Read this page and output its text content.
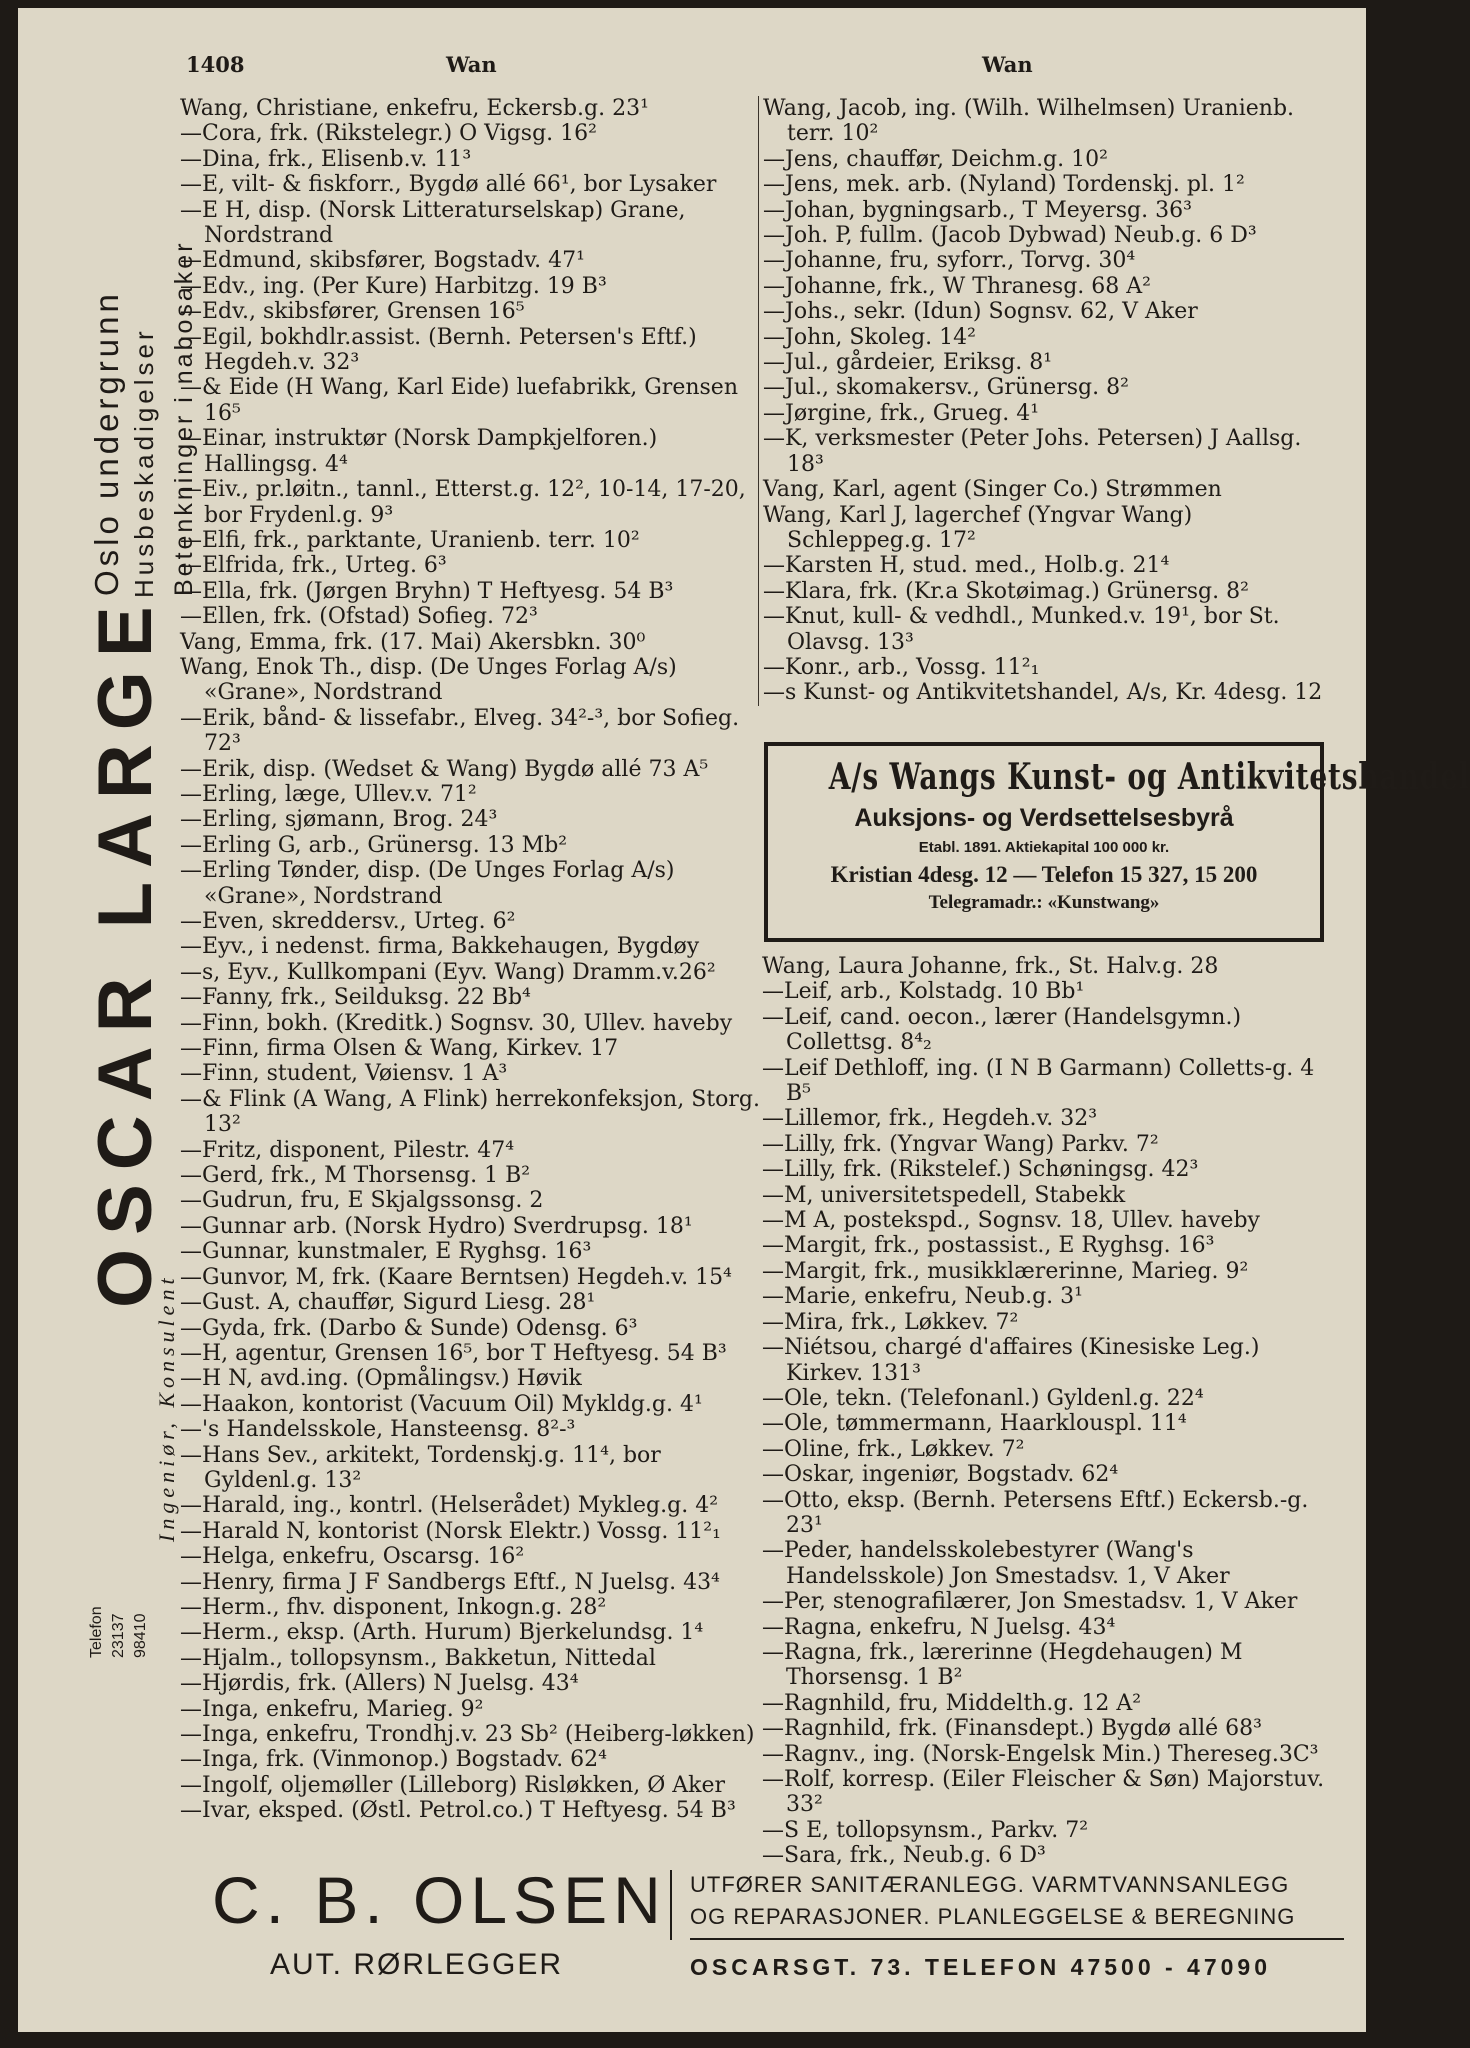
1408	Wan	Wan
Oslo undergrunn Husbeskadigelser Betenkninger i nabosaker
OSCAR LARGE
Ingeniør, Konsulent
Telefon 23137 98410
Wang, Christiane, enkefru, Eckersb.g. 23¹
—Cora, frk. (Rikstelegr.) O Vigsg. 16²
—Dina, frk., Elisenb.v. 11³
—E, vilt- & fiskforr., Bygdø allé 66¹, bor Lysaker
—E H, disp. (Norsk Litteraturselskap) Grane, Nordstrand
—Edmund, skibsfører, Bogstadv. 47¹
—Edv., ing. (Per Kure) Harbitzg. 19 B³
—Edv., skibsfører, Grensen 16⁵
—Egil, bokhdlr.assist. (Bernh. Petersen's Eftf.) Hegdeh.v. 32³
—& Eide (H Wang, Karl Eide) luefabrikk, Grensen 16⁵
—Einar, instruktør (Norsk Dampkjelforen.) Hallingsg. 4⁴
—Eiv., pr.løitn., tannl., Etterst.g. 12², 10-14, 17-20, bor Frydenl.g. 9³
—Elfi, frk., parktante, Uranienb. terr. 10²
—Elfrida, frk., Urteg. 6³
—Ella, frk. (Jørgen Bryhn) T Heftyesg. 54 B³
—Ellen, frk. (Ofstad) Sofieg. 72³
Vang, Emma, frk. (17. Mai) Akersbkn. 30⁰
Wang, Enok Th., disp. (De Unges Forlag A/s) «Grane», Nordstrand
—Erik, bånd- & lissefabr., Elveg. 34²-³, bor Sofieg. 72³
—Erik, disp. (Wedset & Wang) Bygdø allé 73 A⁵
—Erling, læge, Ullev.v. 71²
—Erling, sjømann, Brog. 24³
—Erling G, arb., Grünersg. 13 Mb²
—Erling Tønder, disp. (De Unges Forlag A/s) «Grane», Nordstrand
—Even, skreddersv., Urteg. 6²
—Eyv., i nedenst. firma, Bakkehaugen, Bygdøy
—s, Eyv., Kullkompani (Eyv. Wang) Dramm.v.26²
—Fanny, frk., Seilduksg. 22 Bb⁴
—Finn, bokh. (Kreditk.) Sognsv. 30, Ullev. haveby
—Finn, firma Olsen & Wang, Kirkev. 17
—Finn, student, Vøiensv. 1 A³
—& Flink (A Wang, A Flink) herrekonfeksjon, Storg. 13²
—Fritz, disponent, Pilestr. 47⁴
—Gerd, frk., M Thorsensg. 1 B²
—Gudrun, fru, E Skjalgssonsg. 2
—Gunnar arb. (Norsk Hydro) Sverdrupsg. 18¹
—Gunnar, kunstmaler, E Ryghsg. 16³
—Gunvor, M, frk. (Kaare Berntsen) Hegdeh.v. 15⁴
—Gust. A, chauffør, Sigurd Liesg. 28¹
—Gyda, frk. (Darbo & Sunde) Odensg. 6³
—H, agentur, Grensen 16⁵, bor T Heftyesg. 54 B³
—H N, avd.ing. (Opmålingsv.) Høvik
—Haakon, kontorist (Vacuum Oil) Mykldg.g. 4¹
—'s Handelsskole, Hansteensg. 8²-³
—Hans Sev., arkitekt, Tordenskj.g. 11⁴, bor Gyldenl.g. 13²
—Harald, ing., kontrl. (Helserådet) Mykleg.g. 4²
—Harald N, kontorist (Norsk Elektr.) Vossg. 11²₁
—Helga, enkefru, Oscarsg. 16²
—Henry, firma J F Sandbergs Eftf., N Juelsg. 43⁴
—Herm., fhv. disponent, Inkogn.g. 28²
—Herm., eksp. (Arth. Hurum) Bjerkelundsg. 1⁴
—Hjalm., tollopsynsm., Bakketun, Nittedal
—Hjørdis, frk. (Allers) N Juelsg. 43⁴
—Inga, enkefru, Marieg. 9²
—Inga, enkefru, Trondhj.v. 23 Sb² (Heiberg-løkken)
—Inga, frk. (Vinmonop.) Bogstadv. 62⁴
—Ingolf, oljemøller (Lilleborg) Risløkken, Ø Aker
—Ivar, eksped. (Østl. Petrol.co.) T Heftyesg. 54 B³
Wang, Jacob, ing. (Wilh. Wilhelmsen) Uranienb. terr. 10²
—Jens, chauffør, Deichm.g. 10²
—Jens, mek. arb. (Nyland) Tordenskj. pl. 1²
—Johan, bygningsarb., T Meyersg. 36³
—Joh. P, fullm. (Jacob Dybwad) Neub.g. 6 D³
—Johanne, fru, syforr., Torvg. 30⁴
—Johanne, frk., W Thranesg. 68 A²
—Johs., sekr. (Idun) Sognsv. 62, V Aker
—John, Skoleg. 14²
—Jul., gårdeier, Eriksg. 8¹
—Jul., skomakersv., Grünersg. 8²
—Jørgine, frk., Grueg. 4¹
—K, verksmester (Peter Johs. Petersen) J Aallsg. 18³
Vang, Karl, agent (Singer Co.) Strømmen
Wang, Karl J, lagerchef (Yngvar Wang) Schleppeg.g. 17²
—Karsten H, stud. med., Holb.g. 21⁴
—Klara, frk. (Kr.a Skotøimag.) Grünersg. 8²
—Knut, kull- & vedhdl., Munked.v. 19¹, bor St. Olavsg. 13³
—Konr., arb., Vossg. 11²₁
—s Kunst- og Antikvitetshandel, A/s, Kr. 4desg. 12
A/s Wangs Kunst- og Antikvitetshandel
Auksjons- og Verdsettelsesbyrå
Etabl. 1891. Aktiekapital 100 000 kr.
Kristian 4desg. 12 — Telefon 15 327, 15 200
Telegramadr.: «Kunstwang»
Wang, Laura Johanne, frk., St. Halv.g. 28
—Leif, arb., Kolstadg. 10 Bb¹
—Leif, cand. oecon., lærer (Handelsgymn.) Collettsg. 8⁴₂
—Leif Dethloff, ing. (I N B Garmann) Colletts-g. 4 B⁵
—Lillemor, frk., Hegdeh.v. 32³
—Lilly, frk. (Yngvar Wang) Parkv. 7²
—Lilly, frk. (Rikstelef.) Schøningsg. 42³
—M, universitetspedell, Stabekk
—M A, postekspd., Sognsv. 18, Ullev. haveby
—Margit, frk., postassist., E Ryghsg. 16³
—Margit, frk., musikklærerinne, Marieg. 9²
—Marie, enkefru, Neub.g. 3¹
—Mira, frk., Løkkev. 7²
—Niétsou, chargé d'affaires (Kinesiske Leg.) Kirkev. 131³
—Ole, tekn. (Telefonanl.) Gyldenl.g. 22⁴
—Ole, tømmermann, Haarklouspl. 11⁴
—Oline, frk., Løkkev. 7²
—Oskar, ingeniør, Bogstadv. 62⁴
—Otto, eksp. (Bernh. Petersens Eftf.) Eckersb.-g. 23¹
—Peder, handelsskolebestyrer (Wang's Handelsskole) Jon Smestadsv. 1, V Aker
—Per, stenografilærer, Jon Smestadsv. 1, V Aker
—Ragna, enkefru, N Juelsg. 43⁴
—Ragna, frk., lærerinne (Hegdehaugen) M Thorsensg. 1 B²
—Ragnhild, fru, Middelth.g. 12 A²
—Ragnhild, frk. (Finansdept.) Bygdø allé 68³
—Ragnv., ing. (Norsk-Engelsk Min.) Thereseg.3C³
—Rolf, korresp. (Eiler Fleischer & Søn) Majorstuv. 33²
—S E, tollopsynsm., Parkv. 7²
—Sara, frk., Neub.g. 6 D³
C. B. OLSEN
AUT. RØRLEGGER
UTFØRER SANITÆRANLEGG. VARMTVANNSANLEGG
OG REPARASJONER. PLANLEGGELSE & BEREGNING
OSCARSGT. 73. TELEFON 47500 - 47090
